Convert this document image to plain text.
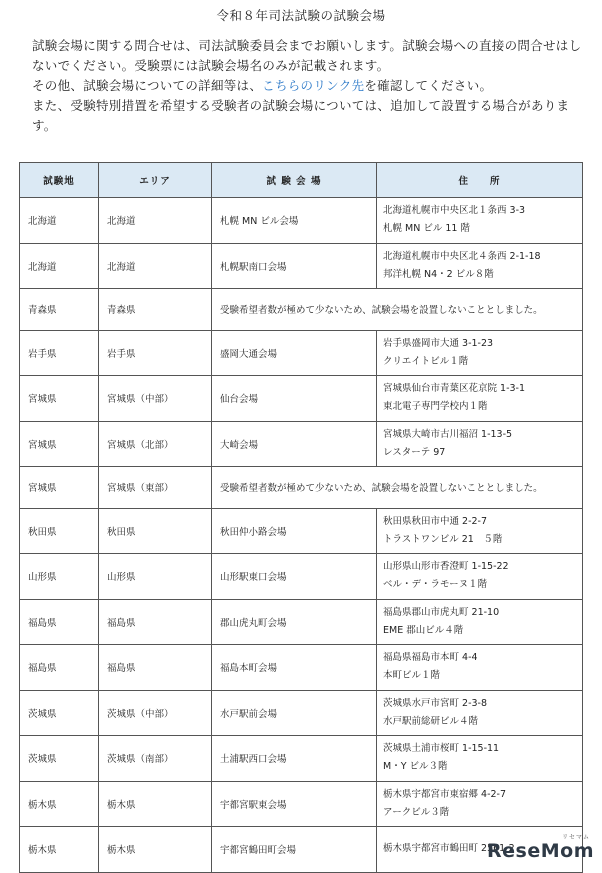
令和８年司法試験の試験会場

試験会場に関する問合せは、司法試験委員会までお願いします。試験会場への直接の問合せはしないでください。受験票には試験会場名のみが記載されます。

その他、試験会場についての詳細等は、こちらのリンク先を確認してください。

また、受験特別措置を希望する受験者の試験会場については、追加して設置する場合があります。

試験地	エリア	試 験 会 場	住　　所
北海道	北海道	札幌 MN ビル会場	北海道札幌市中央区北１条西 3-3
札幌 MN ビル 11 階

北海道	北海道	札幌駅南口会場	北海道札幌市中央区北４条西 2-1-18
邦洋札幌 N4・2 ビル８階

青森県	青森県	受験希望者数が極めて少ないため、試験会場を設置しないこととしました。	
岩手県	岩手県	盛岡大通会場	岩手県盛岡市大通 3-1-23
クリエイトビル１階

宮城県	宮城県（中部）	仙台会場	宮城県仙台市青葉区花京院 1-3-1
東北電子専門学校内１階

宮城県	宮城県（北部）	大崎会場	宮城県大崎市古川福沼 1-13-5
レスターテ 97

宮城県	宮城県（東部）	受験希望者数が極めて少ないため、試験会場を設置しないこととしました。	
秋田県	秋田県	秋田仲小路会場	秋田県秋田市中通 2-2-7
トラストワンビル 21　５階

山形県	山形県	山形駅東口会場	山形県山形市香澄町 1-15-22
ベル・デ・ラモーヌ１階

福島県	福島県	郡山虎丸町会場	福島県郡山市虎丸町 21-10
EME 郡山ビル４階

福島県	福島県	福島本町会場	福島県福島市本町 4-4
本町ビル１階

茨城県	茨城県（中部）	水戸駅前会場	茨城県水戸市宮町 2-3-8
水戸駅前総研ビル４階

茨城県	茨城県（南部）	土浦駅西口会場	茨城県土浦市桜町 1-15-11
M・Y ビル３階

栃木県	栃木県	宇都宮駅東会場	栃木県宇都宮市東宿郷 4-2-7
アークビル３階

栃木県	栃木県	宇都宮鶴田町会場	栃木県宇都宮市鶴田町 2561-2
リセマム
ReseMom
